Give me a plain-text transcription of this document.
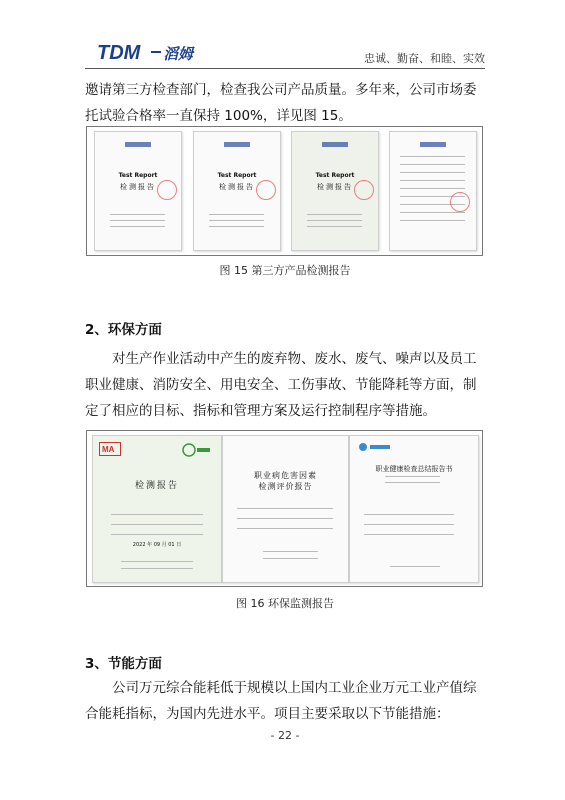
TDM 滔姆	忠诚、勤奋、和睦、实效

邀请第三方检查部门，检查我公司产品质量。多年来，公司市场委托试验合格率一直保持 100%，详见图 15。

Test Report
检测报告
Test Report
检测报告
Test Report
检测报告
图 15 第三方产品检测报告
2、环保方面

对生产作业活动中产生的废弃物、废水、废气、噪声以及员工职业健康、消防安全、用电安全、工伤事故、节能降耗等方面，制定了相应的目标、指标和管理方案及运行控制程序等措施。

MA
检测报告
2022 年 09 月 01 日
职业病危害因素
检测评价报告
职业健康检查总结报告书
图 16 环保监测报告
3、节能方面

公司万元综合能耗低于规模以上国内工业企业万元工业产值综合能耗指标，为国内先进水平。项目主要采取以下节能措施：

- 22 -
